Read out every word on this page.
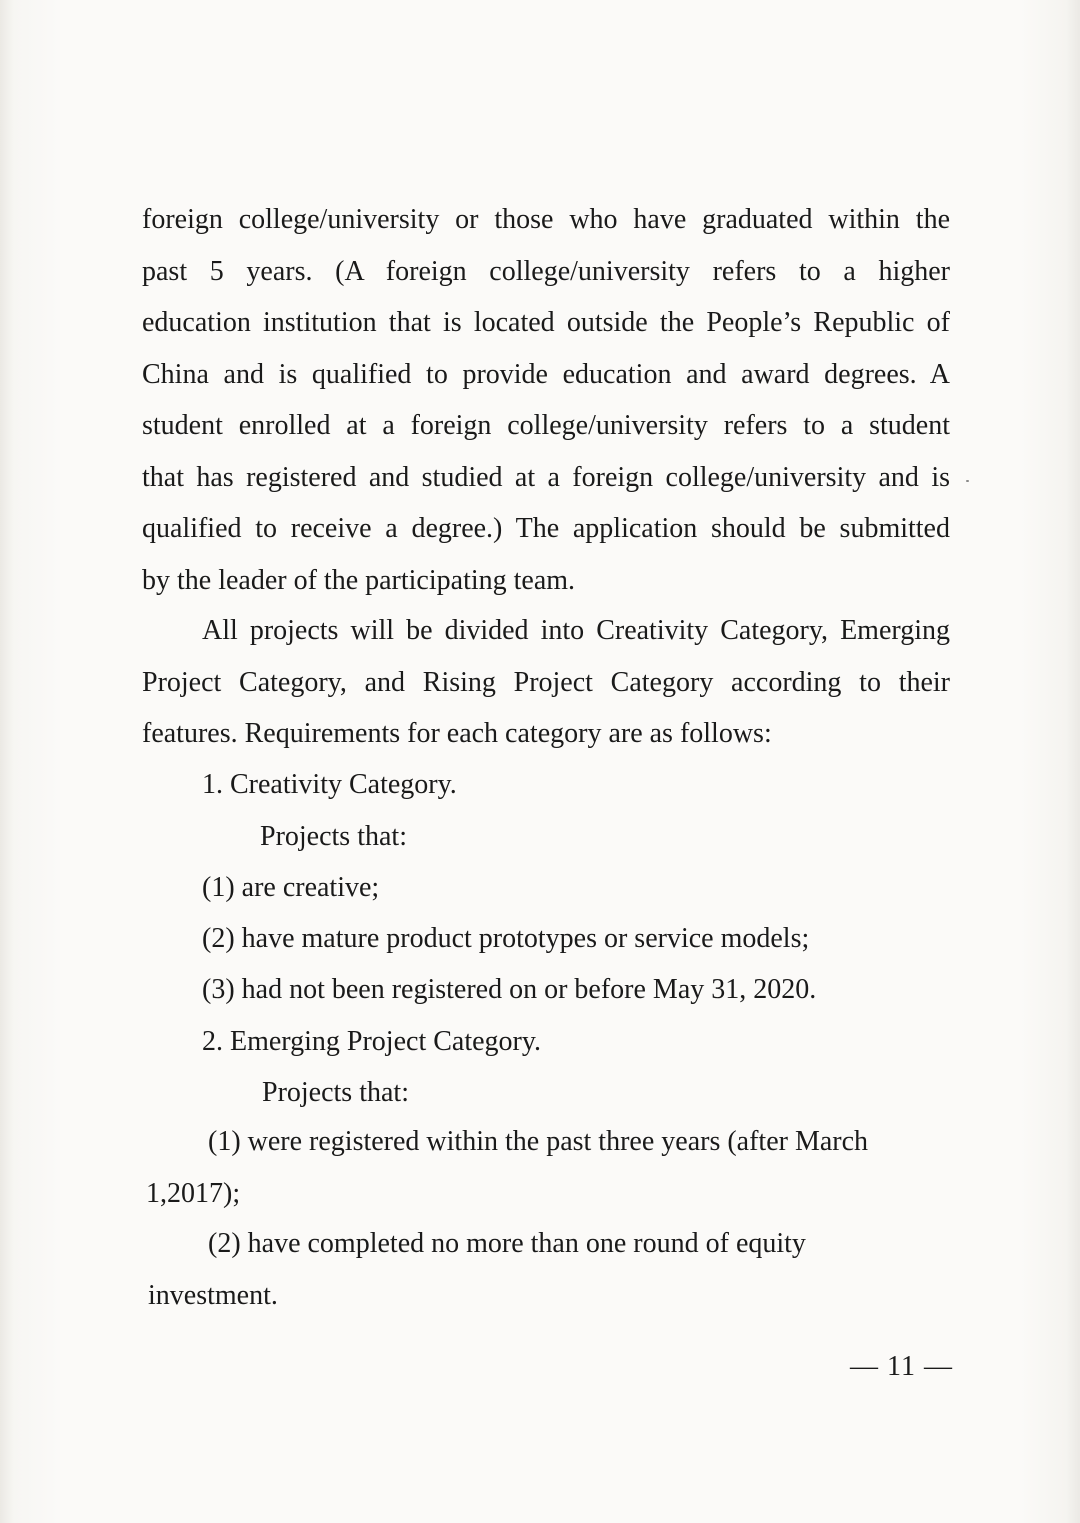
foreign college/university or those who have graduated within the
past 5 years. (A foreign college/university refers to a higher
education institution that is located outside the People’s Republic of
China and is qualified to provide education and award degrees. A
student enrolled at a foreign college/university refers to a student
that has registered and studied at a foreign college/university and is
qualified to receive a degree.) The application should be submitted
by the leader of the participating team.
All projects will be divided into Creativity Category, Emerging
Project Category, and Rising Project Category according to their
features. Requirements for each category are as follows:
1. Creativity Category.
Projects that:
(1) are creative;
(2) have mature product prototypes or service models;
(3) had not been registered on or before May 31, 2020.
2. Emerging Project Category.
Projects that:
(1) were registered within the past three years (after March
1,2017);
(2) have completed no more than one round of equity
investment.
— 11 —
